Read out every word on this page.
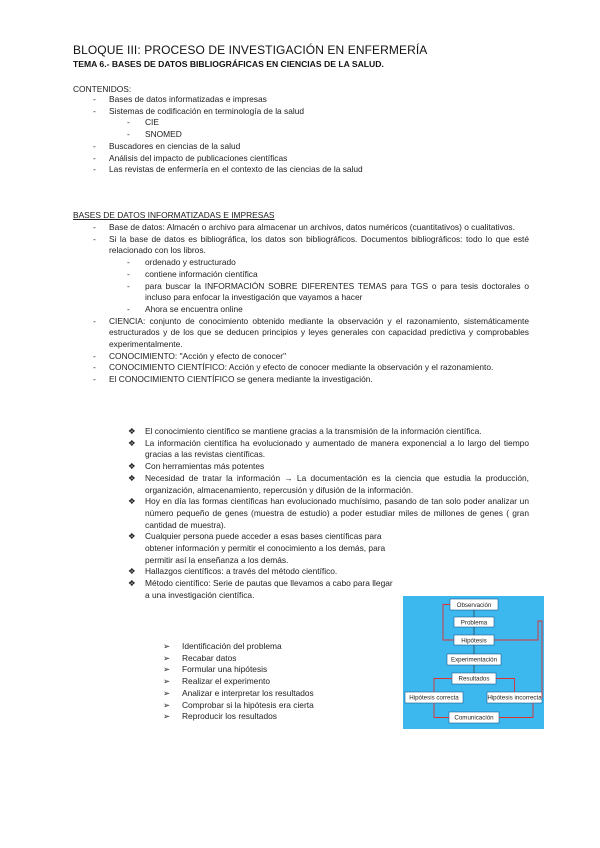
BLOQUE III: PROCESO DE INVESTIGACIÓN EN ENFERMERÍA
TEMA 6.- BASES DE DATOS BIBLIOGRÁFICAS EN CIENCIAS DE LA SALUD.
CONTENIDOS:
- Bases de datos informatizadas e impresas
- Sistemas de codificación en terminología de la salud
- CIE
- SNOMED
- Buscadores en ciencias de la salud
- Análisis del impacto de publicaciones científicas
- Las revistas de enfermería en el contexto de las ciencias de la salud
BASES DE DATOS INFORMATIZADAS E IMPRESAS
- Base de datos: Almacén o archivo para almacenar un archivos, datos numéricos (cuantitativos) o cualitativos.
- Si la base de datos es bibliográfica, los datos son bibliográficos. Documentos bibliográficos: todo lo que esté relacionado con los libros.
- ordenado y estructurado
- contiene información científica
- para buscar la INFORMACIÓN SOBRE DIFERENTES TEMAS para TGS o para tesis doctorales o incluso para enfocar la investigación que vayamos a hacer
- Ahora se encuentra online
- CIENCIA: conjunto de conocimiento obtenido mediante la observación y el razonamiento, sistemáticamente estructurados y de los que se deducen principios y leyes generales con capacidad predictiva y comprobables experimentalmente.
- CONOCIMIENTO: "Acción y efecto de conocer"
- CONOCIMIENTO CIENTÍFICO: Acción y efecto de conocer mediante la observación y el razonamiento.
- El CONOCIMIENTO CIENTÍFICO se genera mediante la investigación.
❖ El conocimiento científico se mantiene gracias a la transmisión de la información científica.
❖ La información científica ha evolucionado y aumentado de manera exponencial a lo largo del tiempo gracias a las revistas científicas.
❖ Con herramientas más potentes
❖ Necesidad de tratar la información → La documentación es la ciencia que estudia la producción, organización, almacenamiento, repercusión y difusión de la información.
❖ Hoy en día las formas científicas han evolucionado muchísimo, pasando de tan solo poder analizar un número pequeño de genes (muestra de estudio) a poder estudiar miles de millones de genes ( gran cantidad de muestra).
❖ Cualquier persona puede acceder a esas bases científicas para obtener información y permitir el conocimiento a los demás, para permitir así la enseñanza a los demás.
❖ Hallazgos científicos: a través del método científico.
❖ Método científico: Serie de pautas que llevamos a cabo para llegar a una investigación científica.
➢ Identificación del problema
➢ Recabar datos
➢ Formular una hipótesis
➢ Realizar el experimento
➢ Analizar e interpretar los resultados
➢ Comprobar si la hipótesis era cierta
➢ Reproducir los resultados
Observación
Problema
Hipótesis
Experimentación
Resultados
Hipótesis correcta	Hipótesis incorrecta
Comunicación
